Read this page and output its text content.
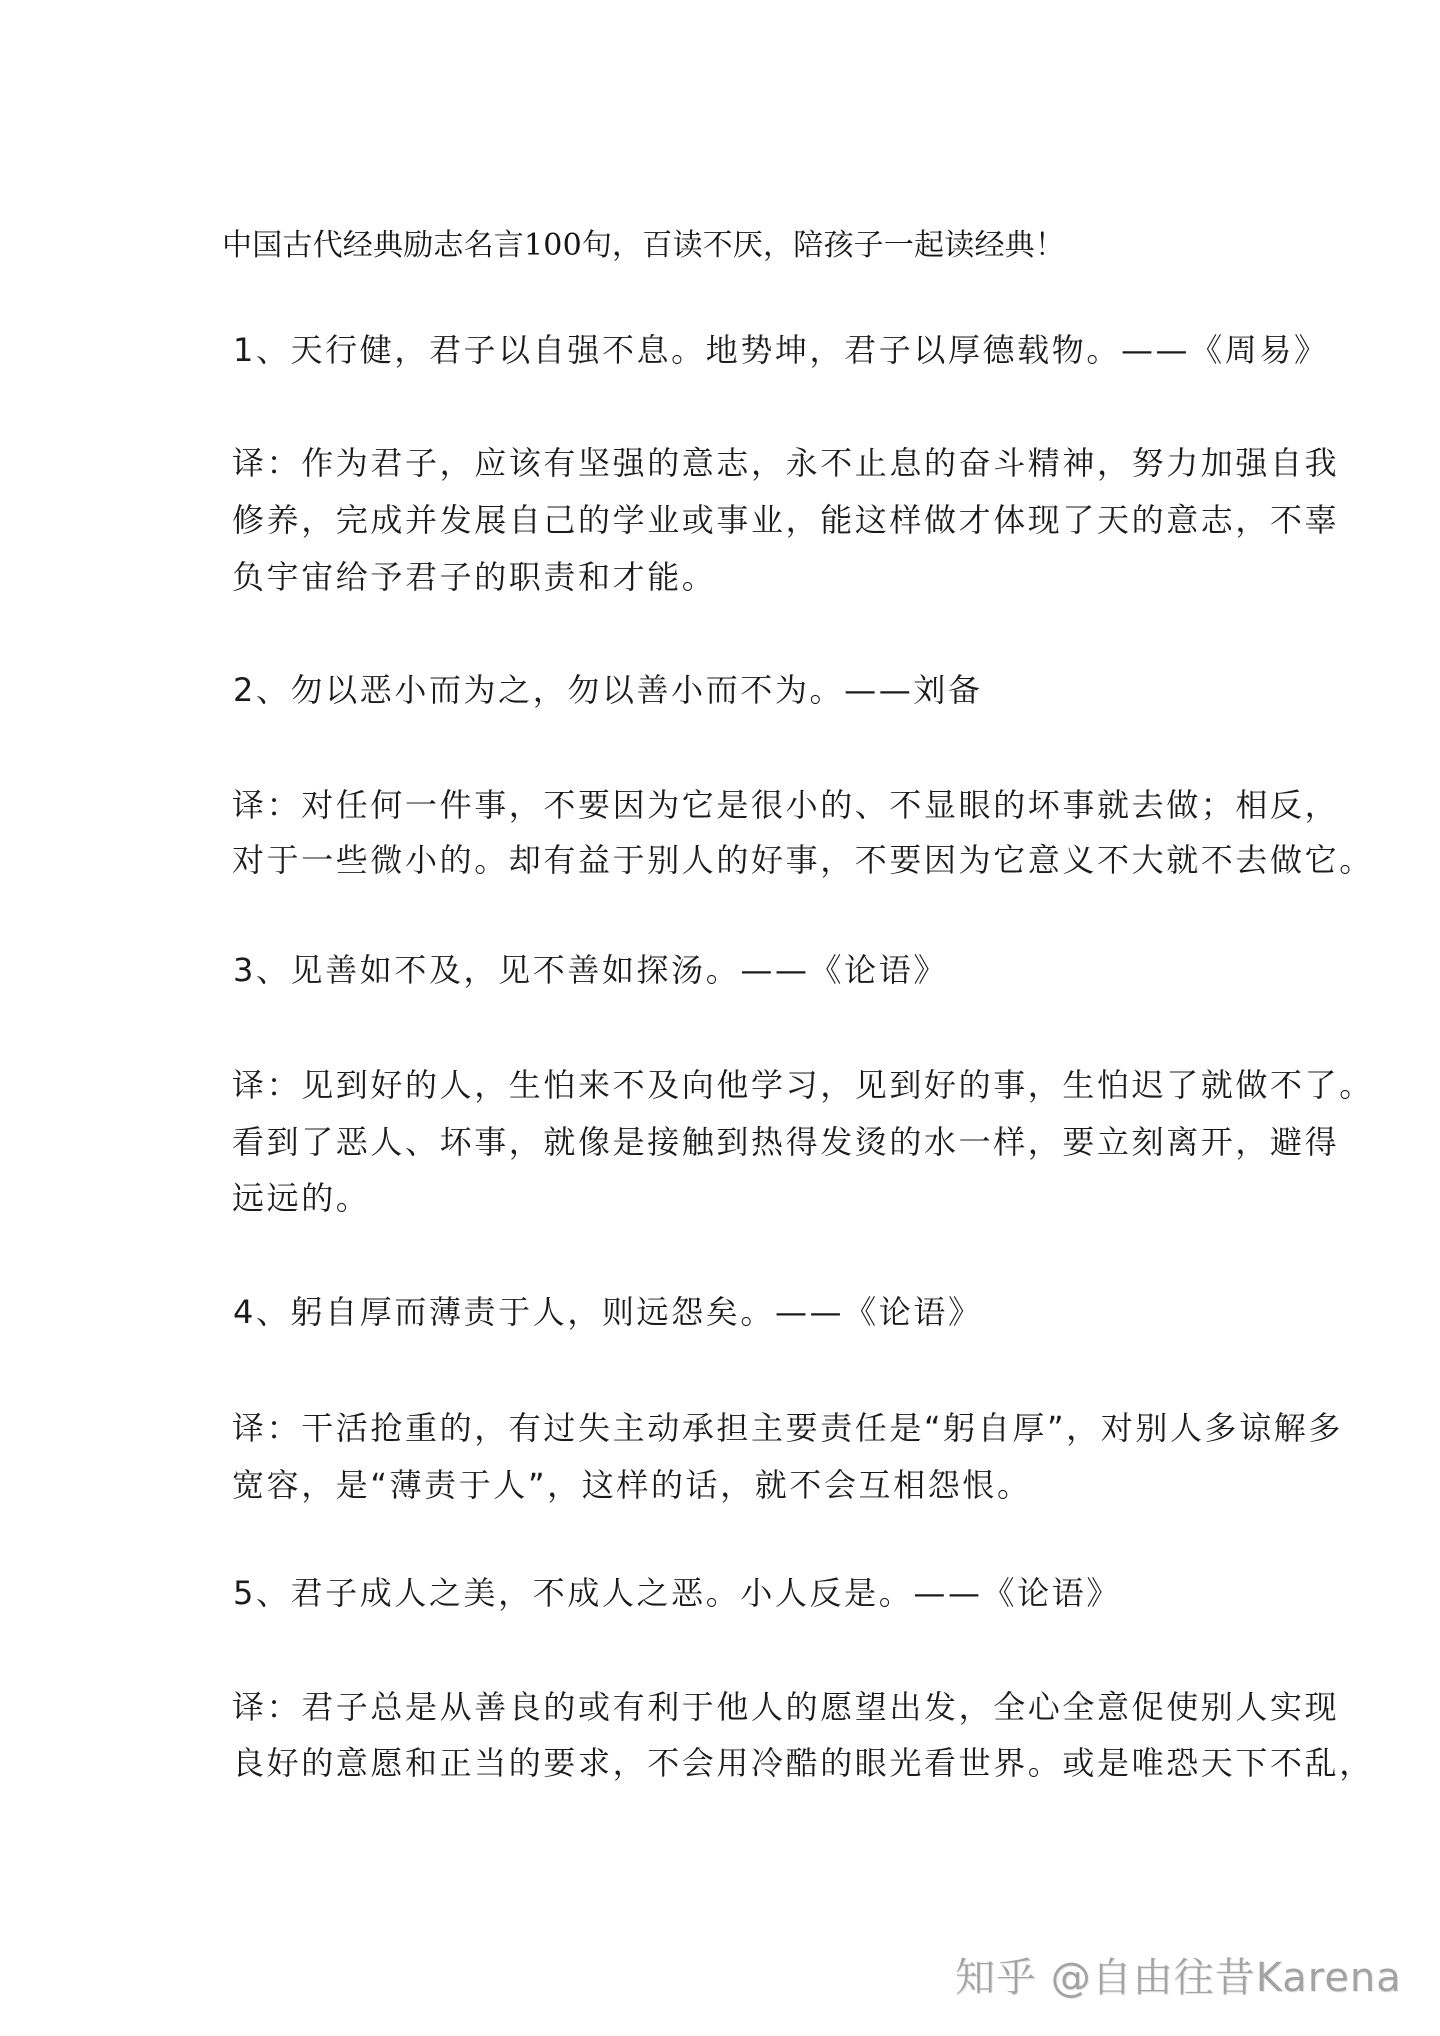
中国古代经典励志名言100句，百读不厌，陪孩子一起读经典！
1、天行健，君子以自强不息。地势坤，君子以厚德载物。——《周易》
译：作为君子，应该有坚强的意志，永不止息的奋斗精神，努力加强自我
修养，完成并发展自己的学业或事业，能这样做才体现了天的意志，不辜
负宇宙给予君子的职责和才能。
2、勿以恶小而为之，勿以善小而不为。——刘备
译：对任何一件事，不要因为它是很小的、不显眼的坏事就去做；相反，
对于一些微小的。却有益于别人的好事，不要因为它意义不大就不去做它。
3、见善如不及，见不善如探汤。——《论语》
译：见到好的人，生怕来不及向他学习，见到好的事，生怕迟了就做不了。
看到了恶人、坏事，就像是接触到热得发烫的水一样，要立刻离开，避得
远远的。
4、躬自厚而薄责于人，则远怨矣。——《论语》
译：干活抢重的，有过失主动承担主要责任是“躬自厚”，对别人多谅解多
宽容，是“薄责于人”，这样的话，就不会互相怨恨。
5、君子成人之美，不成人之恶。小人反是。——《论语》
译：君子总是从善良的或有利于他人的愿望出发，全心全意促使别人实现
良好的意愿和正当的要求，不会用冷酷的眼光看世界。或是唯恐天下不乱，
知乎 @自由往昔Karena
